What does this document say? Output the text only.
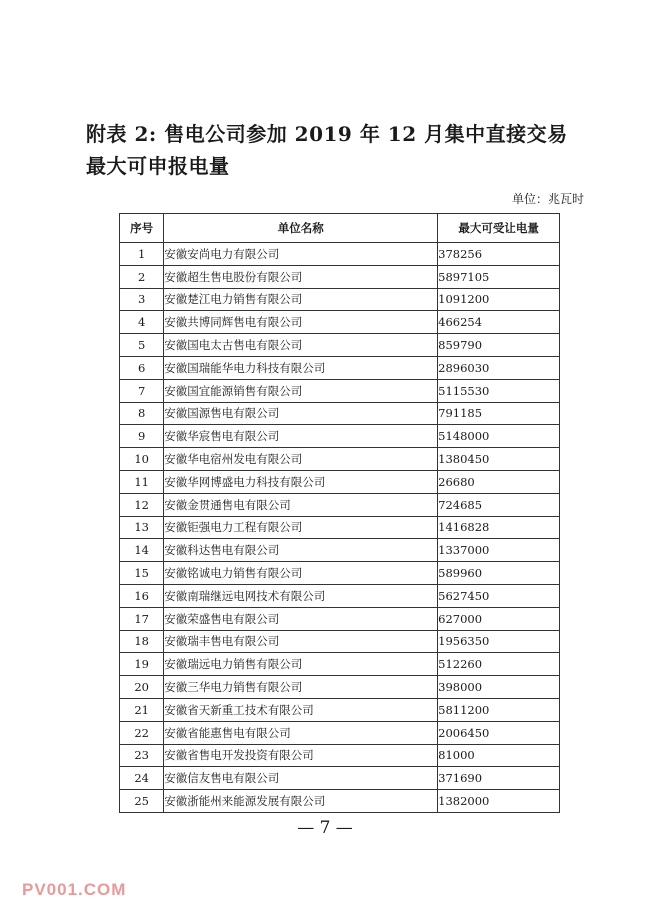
附表 2: 售电公司参加 2019 年 12 月集中直接交易最大可申报电量
单位：兆瓦时
序号	单位名称	最大可受让电量
1	安徽安尚电力有限公司	378256
2	安徽超生售电股份有限公司	5897105
3	安徽楚江电力销售有限公司	1091200
4	安徽共博同辉售电有限公司	466254
5	安徽国电太古售电有限公司	859790
6	安徽国瑞能华电力科技有限公司	2896030
7	安徽国宜能源销售有限公司	5115530
8	安徽国源售电有限公司	791185
9	安徽华宸售电有限公司	5148000
10	安徽华电宿州发电有限公司	1380450
11	安徽华网博盛电力科技有限公司	26680
12	安徽金贯通售电有限公司	724685
13	安徽钜强电力工程有限公司	1416828
14	安徽科达售电有限公司	1337000
15	安徽铭诚电力销售有限公司	589960
16	安徽南瑞继远电网技术有限公司	5627450
17	安徽荣盛售电有限公司	627000
18	安徽瑞丰售电有限公司	1956350
19	安徽瑞远电力销售有限公司	512260
20	安徽三华电力销售有限公司	398000
21	安徽省天新重工技术有限公司	5811200
22	安徽省能惠售电有限公司	2006450
23	安徽省售电开发投资有限公司	81000
24	安徽信友售电有限公司	371690
25	安徽浙能州来能源发展有限公司	1382000
— 7 —
PV001.COM
